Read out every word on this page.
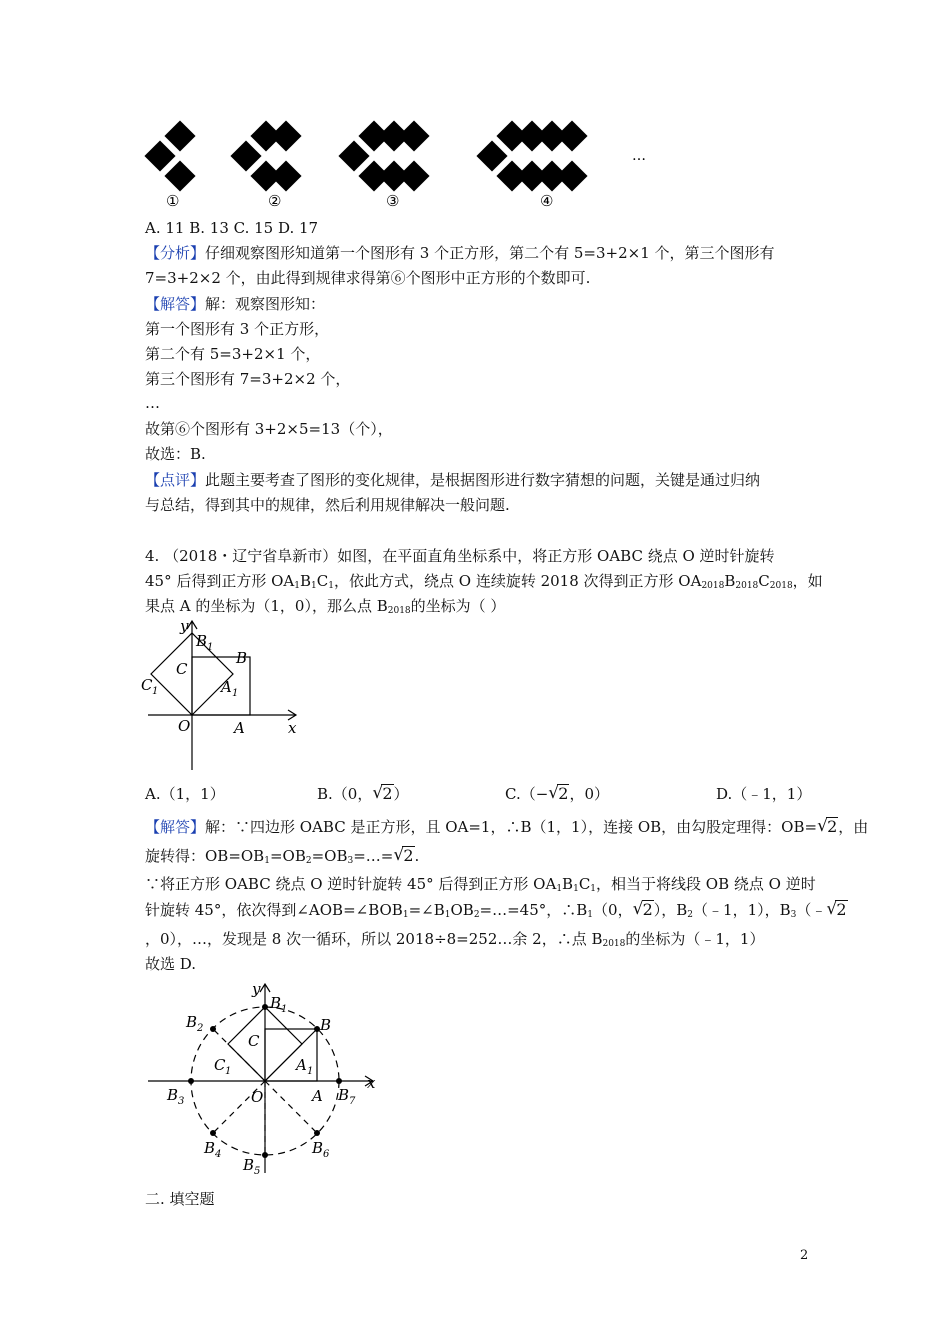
…
①	②	③	④
A. 11 B. 13 C. 15 D. 17
【分析】仔细观察图形知道第一个图形有 3 个正方形，第二个有 5=3+2×1 个，第三个图形有
7=3+2×2 个，由此得到规律求得第⑥个图形中正方形的个数即可.
【解答】解：观察图形知：
第一个图形有 3 个正方形，
第二个有 5=3+2×1 个，
第三个图形有 7=3+2×2 个，
…
故第⑥个图形有 3+2×5=13（个），
故选：B.
【点评】此题主要考查了图形的变化规律，是根据图形进行数字猜想的问题，关键是通过归纳
与总结，得到其中的规律，然后利用规律解决一般问题.
4. （2018・辽宁省阜新市）如图，在平面直角坐标系中，将正方形 OABC 绕点 O 逆时针旋转
45° 后得到正方形 $OA_1B_1C_1$，依此方式，绕点 O 连续旋转 2018 次得到正方形 $OA_{2018}B_{2018}C_{2018}$，如
果点 A 的坐标为（1，0），那么点 $B_{2018}$的坐标为（ ）
y
x
O	A
B
C
B 1
A 1
C 1
A.（1，1）	B.（0， √ 2）	C.（− √ 2，0）	D.（﹣1，1）
【解答】解：∵四边形 OABC 是正方形，且 OA=1，∴B（1，1），连接 OB，由勾股定理得：OB= √ 2，由
旋转得：$OB=OB_1=OB_2=OB_3=\dots=$ √ 2.
∵将正方形 OABC 绕点 O 逆时针旋转 45° 后得到正方形 $OA_1B_1C_1$，相当于将线段 OB 绕点 O 逆时
针旋转 45°，依次得到$\angle AOB=\angle BOB_1=\angle B_1OB_2=\dots=45^\circ$，$\therefore B_1(0$， √ 2），$B_2(﹣1$，1），$B_3(﹣$ √ 2
，0），…，发现是 8 次一循环，所以 2018÷8=252…余 2，∴点 $B_{2018}$的坐标为（﹣1，1）
故选 D.
y
x
O	A
B
C
B 1
A 1
C 1
B 2
B 3
B 4
B 5
B 6
B 7
二. 填空题
2
